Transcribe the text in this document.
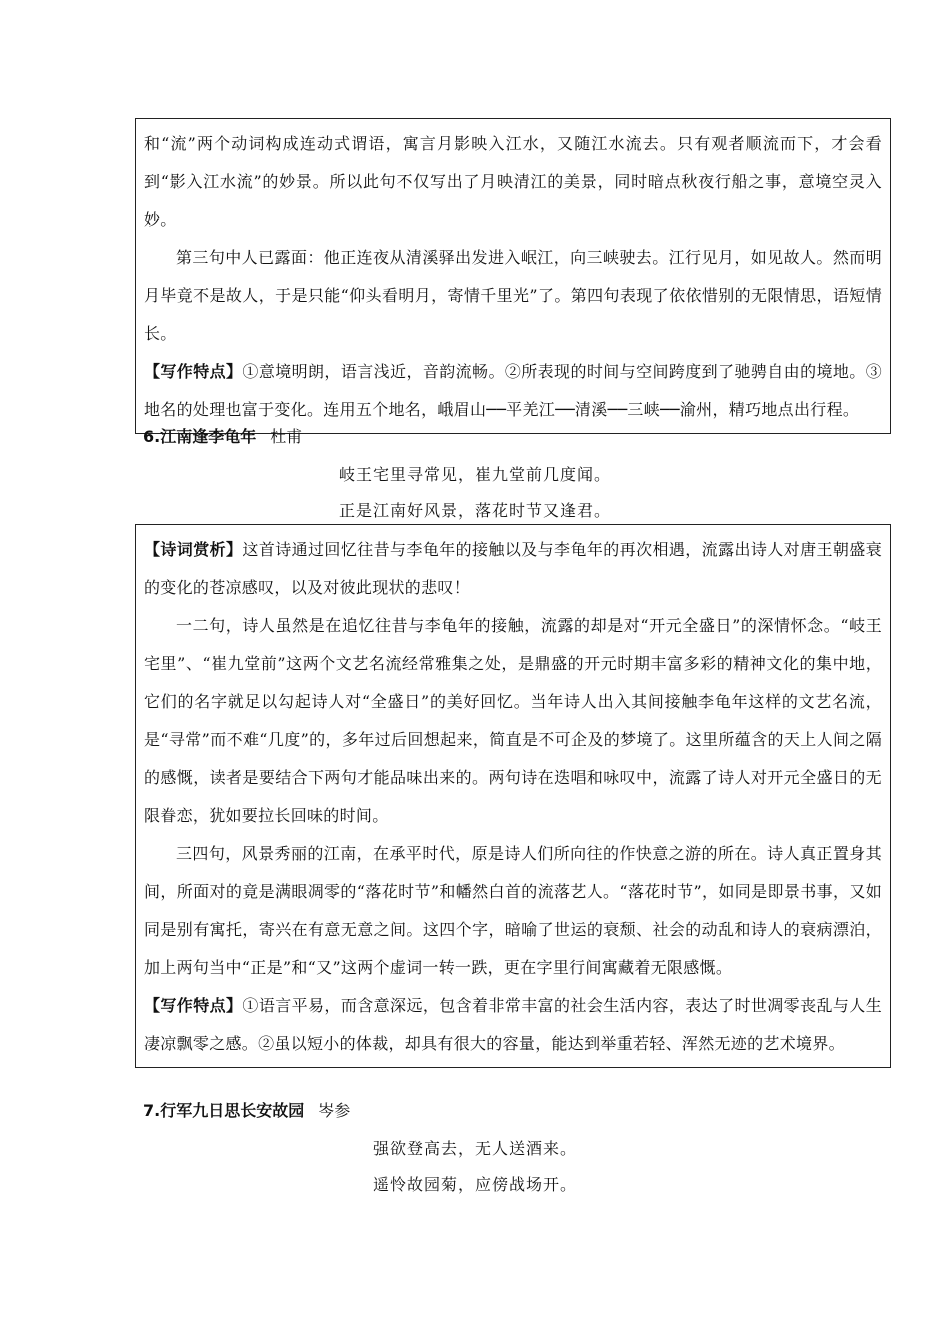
和“流”两个动词构成连动式谓语，寓言月影映入江水，又随江水流去。只有观者顺流而下，才会看到“影入江水流”的妙景。所以此句不仅写出了月映清江的美景，同时暗点秋夜行船之事，意境空灵入妙。

第三句中人已露面：他正连夜从清溪驿出发进入岷江，向三峡驶去。江行见月，如见故人。然而明月毕竟不是故人，于是只能“仰头看明月，寄情千里光”了。第四句表现了依依惜别的无限情思，语短情长。

【写作特点】①意境明朗，语言浅近，音韵流畅。②所表现的时间与空间跨度到了驰骋自由的境地。③地名的处理也富于变化。连用五个地名，峨眉山──平羌江──清溪──三峡──渝州，精巧地点出行程。

6.江南逢李龟年 杜甫
岐王宅里寻常见，崔九堂前几度闻。
正是江南好风景，落花时节又逢君。

【诗词赏析】这首诗通过回忆往昔与李龟年的接触以及与李龟年的再次相遇，流露出诗人对唐王朝盛衰的变化的苍凉感叹，以及对彼此现状的悲叹！

一二句，诗人虽然是在追忆往昔与李龟年的接触，流露的却是对“开元全盛日”的深情怀念。“岐王宅里”、“崔九堂前”这两个文艺名流经常雅集之处，是鼎盛的开元时期丰富多彩的精神文化的集中地，它们的名字就足以勾起诗人对“全盛日”的美好回忆。当年诗人出入其间接触李龟年这样的文艺名流，是“寻常”而不难“几度”的，多年过后回想起来，简直是不可企及的梦境了。这里所蕴含的天上人间之隔的感慨，读者是要结合下两句才能品味出来的。两句诗在迭唱和咏叹中，流露了诗人对开元全盛日的无限眷恋，犹如要拉长回味的时间。

三四句，风景秀丽的江南，在承平时代，原是诗人们所向往的作快意之游的所在。诗人真正置身其间，所面对的竟是满眼凋零的“落花时节”和幡然白首的流落艺人。“落花时节”，如同是即景书事，又如同是别有寓托，寄兴在有意无意之间。这四个字，暗喻了世运的衰颓、社会的动乱和诗人的衰病漂泊，加上两句当中“正是”和“又”这两个虚词一转一跌，更在字里行间寓藏着无限感慨。

【写作特点】①语言平易，而含意深远，包含着非常丰富的社会生活内容，表达了时世凋零丧乱与人生凄凉飘零之感。②虽以短小的体裁，却具有很大的容量，能达到举重若轻、浑然无迹的艺术境界。

7.行军九日思长安故园 岑参
强欲登高去，无人送酒来。
遥怜故园菊，应傍战场开。
